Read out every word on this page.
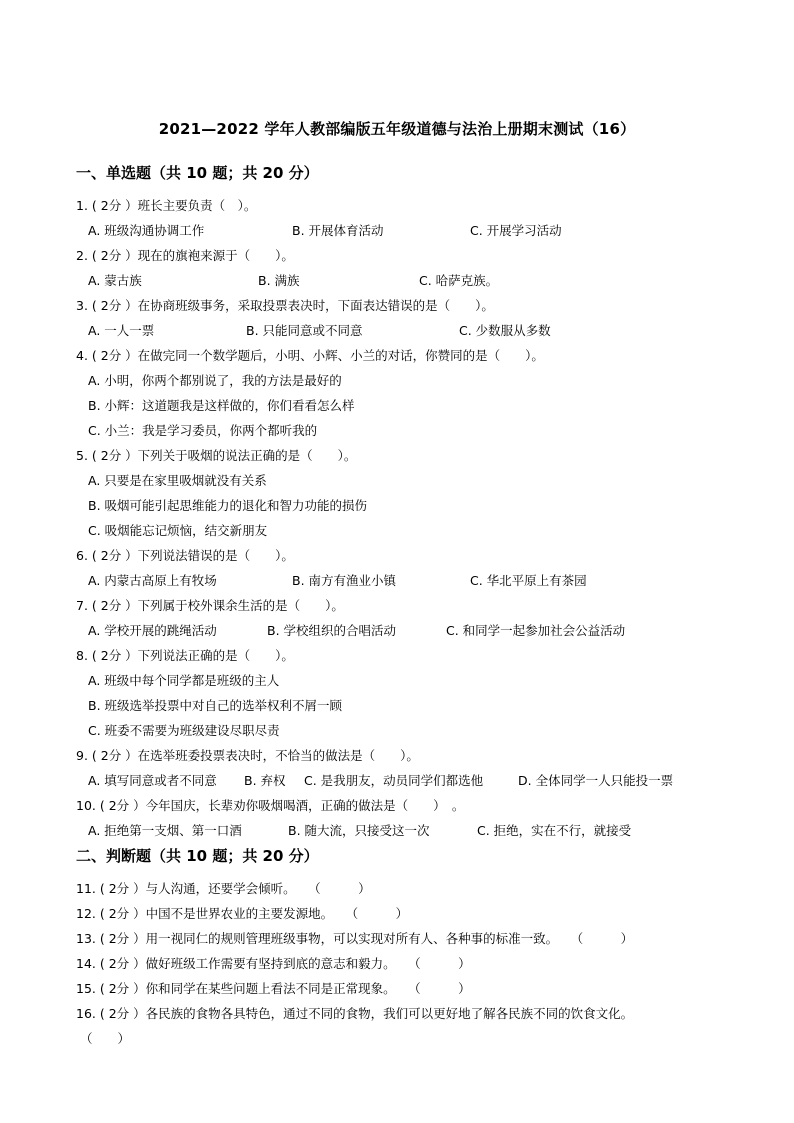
2021—2022 学年人教部编版五年级道德与法治上册期末测试（16）
一、单选题（共 10 题；共 20 分）
1. ( 2分 ）班长主要负责（　）。
A. 班级沟通协调工作	B. 开展体育活动	C. 开展学习活动
2. ( 2分 ）现在的旗袍来源于（　　）。
A. 蒙古族	B. 满族	C. 哈萨克族。
3. ( 2分 ）在协商班级事务，采取投票表决时，下面表达错误的是（　　）。
A. 一人一票	B. 只能同意或不同意	C. 少数服从多数
4. ( 2分 ）在做完同一个数学题后，小明、小辉、小兰的对话，你赞同的是（　　）。
A. 小明，你两个都别说了，我的方法是最好的
B. 小辉：这道题我是这样做的，你们看看怎么样
C. 小兰：我是学习委员，你两个都听我的
5. ( 2分 ）下列关于吸烟的说法正确的是（　　）。
A. 只要是在家里吸烟就没有关系
B. 吸烟可能引起思维能力的退化和智力功能的损伤
C. 吸烟能忘记烦恼，结交新朋友
6. ( 2分 ）下列说法错误的是（　　）。
A. 内蒙古高原上有牧场	B. 南方有渔业小镇	C. 华北平原上有茶园
7. ( 2分 ）下列属于校外课余生活的是（　　）。
A. 学校开展的跳绳活动	B. 学校组织的合唱活动	C. 和同学一起参加社会公益活动
8. ( 2分 ）下列说法正确的是（　　）。
A. 班级中每个同学都是班级的主人
B. 班级选举投票中对自己的选举权利不屑一顾
C. 班委不需要为班级建设尽职尽责
9. ( 2分 ）在选举班委投票表决时，不恰当的做法是（　　）。
A. 填写同意或者不同意 B. 弃权 C. 是我朋友，动员同学们都选他	D. 全体同学一人只能投一票
10. ( 2分 ）今年国庆，长辈劝你吸烟喝酒，正确的做法是（　　）　。
A. 拒绝第一支烟、第一口酒	B. 随大流，只接受这一次	C. 拒绝，实在不行，就接受
二、判断题（共 10 题；共 20 分）
11. ( 2分 ）与人沟通，还要学会倾听。　　（　　　）
12. ( 2分 ）中国不是世界农业的主要发源地。　　（　　　）
13. ( 2分 ）用一视同仁的规则管理班级事物，可以实现对所有人、各种事的标准一致。　　（　　　）
14. ( 2分 ）做好班级工作需要有坚持到底的意志和毅力。　　（　　　）
15. ( 2分 ）你和同学在某些问题上看法不同是正常现象。　　（　　　）
16. ( 2分 ）各民族的食物各具特色，通过不同的食物，我们可以更好地了解各民族不同的饮食文化。
（　　）
